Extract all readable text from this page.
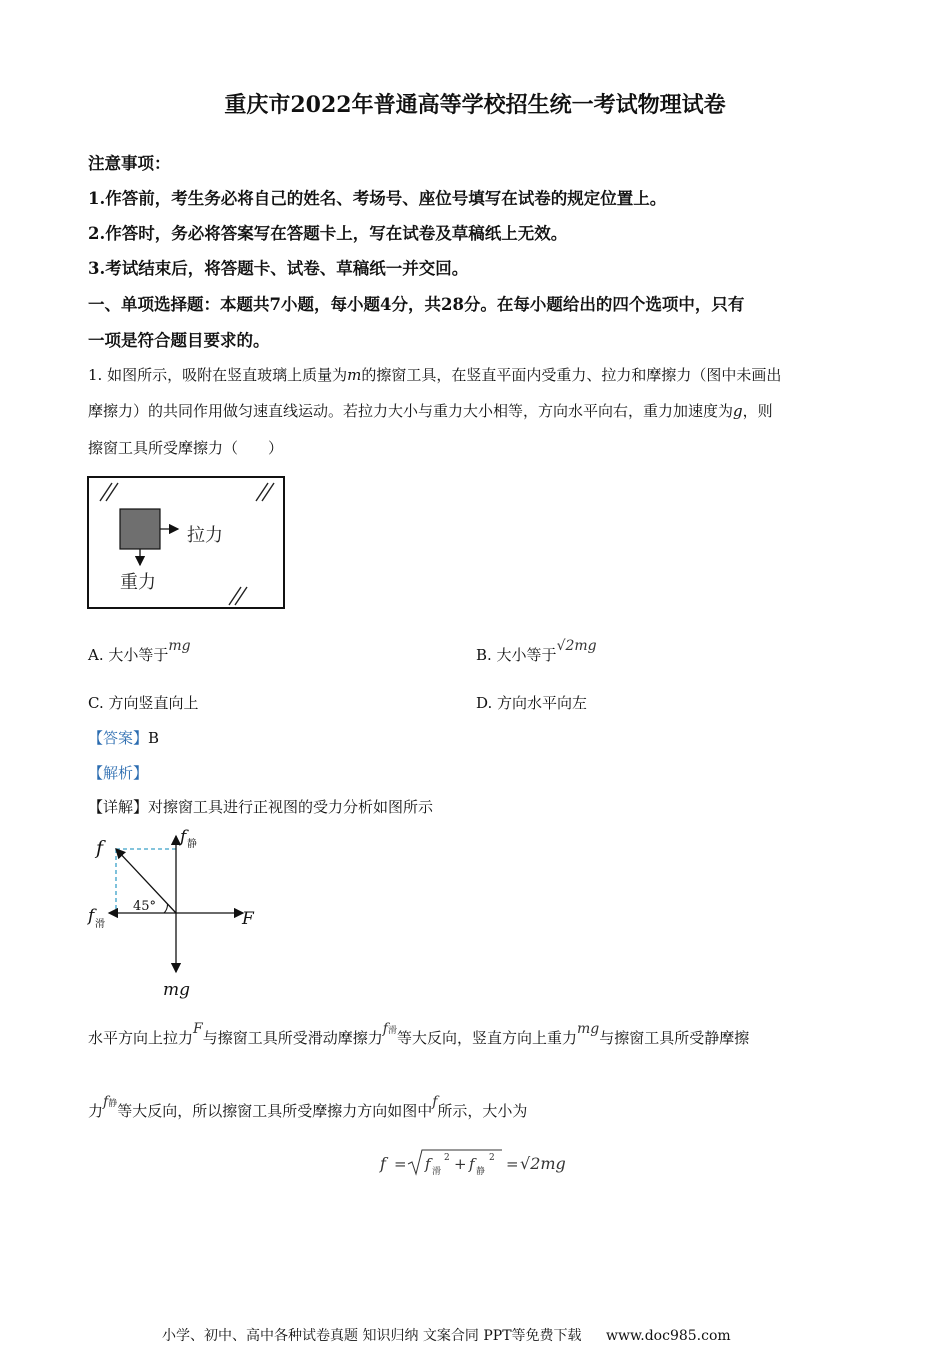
重庆市2022年普通高等学校招生统一考试物理试卷
注意事项：
1.作答前，考生务必将自己的姓名、考场号、座位号填写在试卷的规定位置上。
2.作答时，务必将答案写在答题卡上，写在试卷及草稿纸上无效。
3.考试结束后，将答题卡、试卷、草稿纸一并交回。
一、单项选择题：本题共7小题，每小题4分，共28分。在每小题给出的四个选项中，只有
一项是符合题目要求的。
1. 如图所示，吸附在竖直玻璃上质量为m的擦窗工具，在竖直平面内受重力、拉力和摩擦力（图中未画出
摩擦力）的共同作用做匀速直线运动。若拉力大小与重力大小相等，方向水平向右，重力加速度为g，则
擦窗工具所受摩擦力（　　）
拉力
重力
A. 大小等于mg	B. 大小等于√2mg
C. 方向竖直向上	D. 方向水平向左
【答案】B
【解析】
【详解】对擦窗工具进行正视图的受力分析如图所示
45°
f	f 静
f 滑	F
mg
水平方向上拉力F与擦窗工具所受滑动摩擦力$f^滑$等大反向，竖直方向上重力mg与擦窗工具所受静摩擦
力$f^静$等大反向，所以擦窗工具所受摩擦力方向如图中f所示，大小为
f = f 滑
2 + f 静
2 = √2mg
小学、初中、高中各种试卷真题 知识归纳 文案合同 PPT等免费下载 www.doc985.com
